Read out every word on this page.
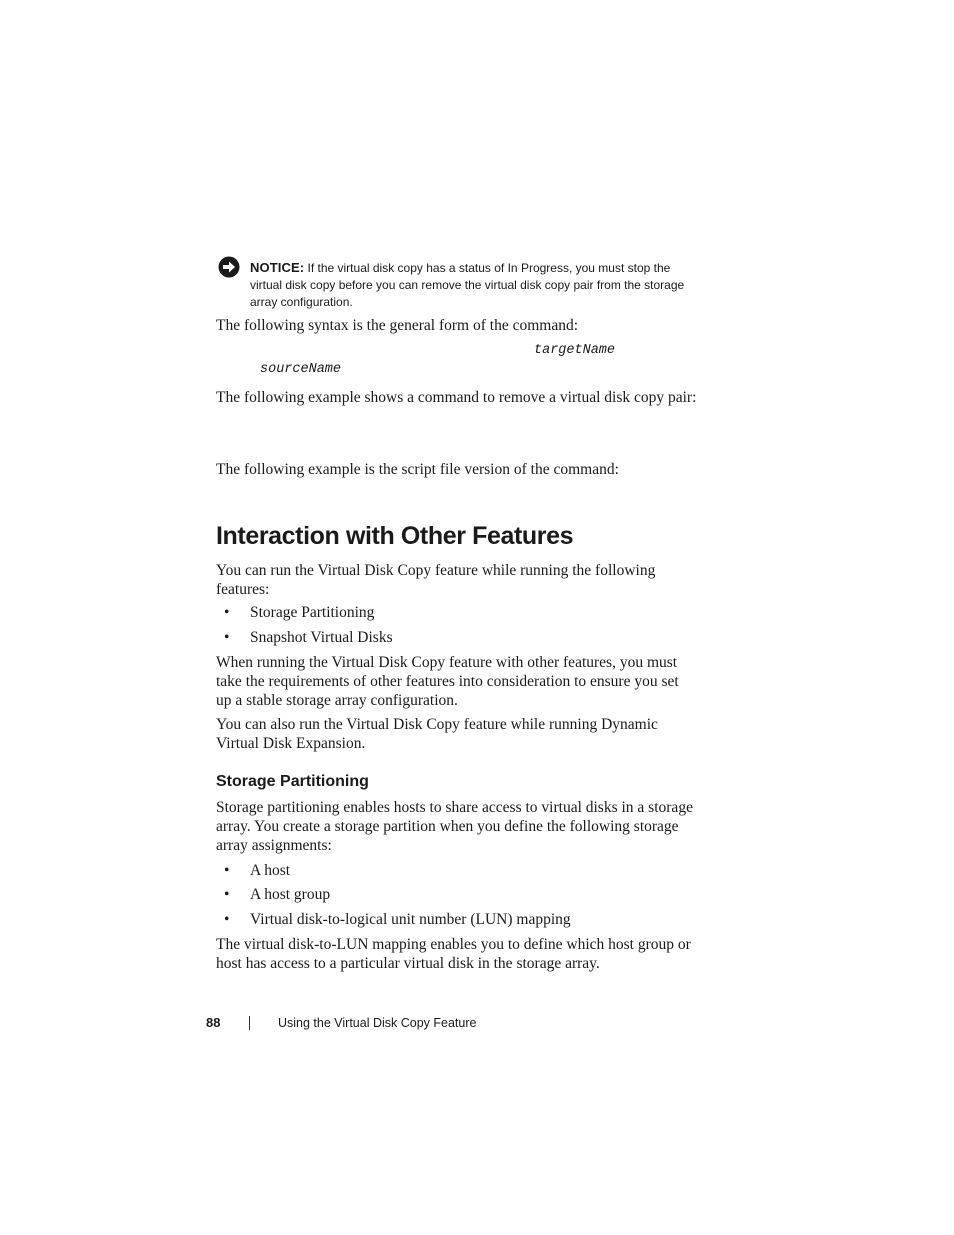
NOTICE: If the virtual disk copy has a status of In Progress, you must stop the
virtual disk copy before you can remove the virtual disk copy pair from the storage
array configuration.

The following syntax is the general form of the command:

targetName
sourceName

The following example shows a command to remove a virtual disk copy pair:

The following example is the script file version of the command:

Interaction with Other Features
You can run the Virtual Disk Copy feature while running the following
features:
• Storage Partitioning
• Snapshot Virtual Disks
When running the Virtual Disk Copy feature with other features, you must
take the requirements of other features into consideration to ensure you set
up a stable storage array configuration.
You can also run the Virtual Disk Copy feature while running Dynamic
Virtual Disk Expansion.
Storage Partitioning
Storage partitioning enables hosts to share access to virtual disks in a storage
array. You create a storage partition when you define the following storage
array assignments:
• A host
• A host group
• Virtual disk-to-logical unit number (LUN) mapping
The virtual disk-to-LUN mapping enables you to define which host group or
host has access to a particular virtual disk in the storage array.
88	Using the Virtual Disk Copy Feature
